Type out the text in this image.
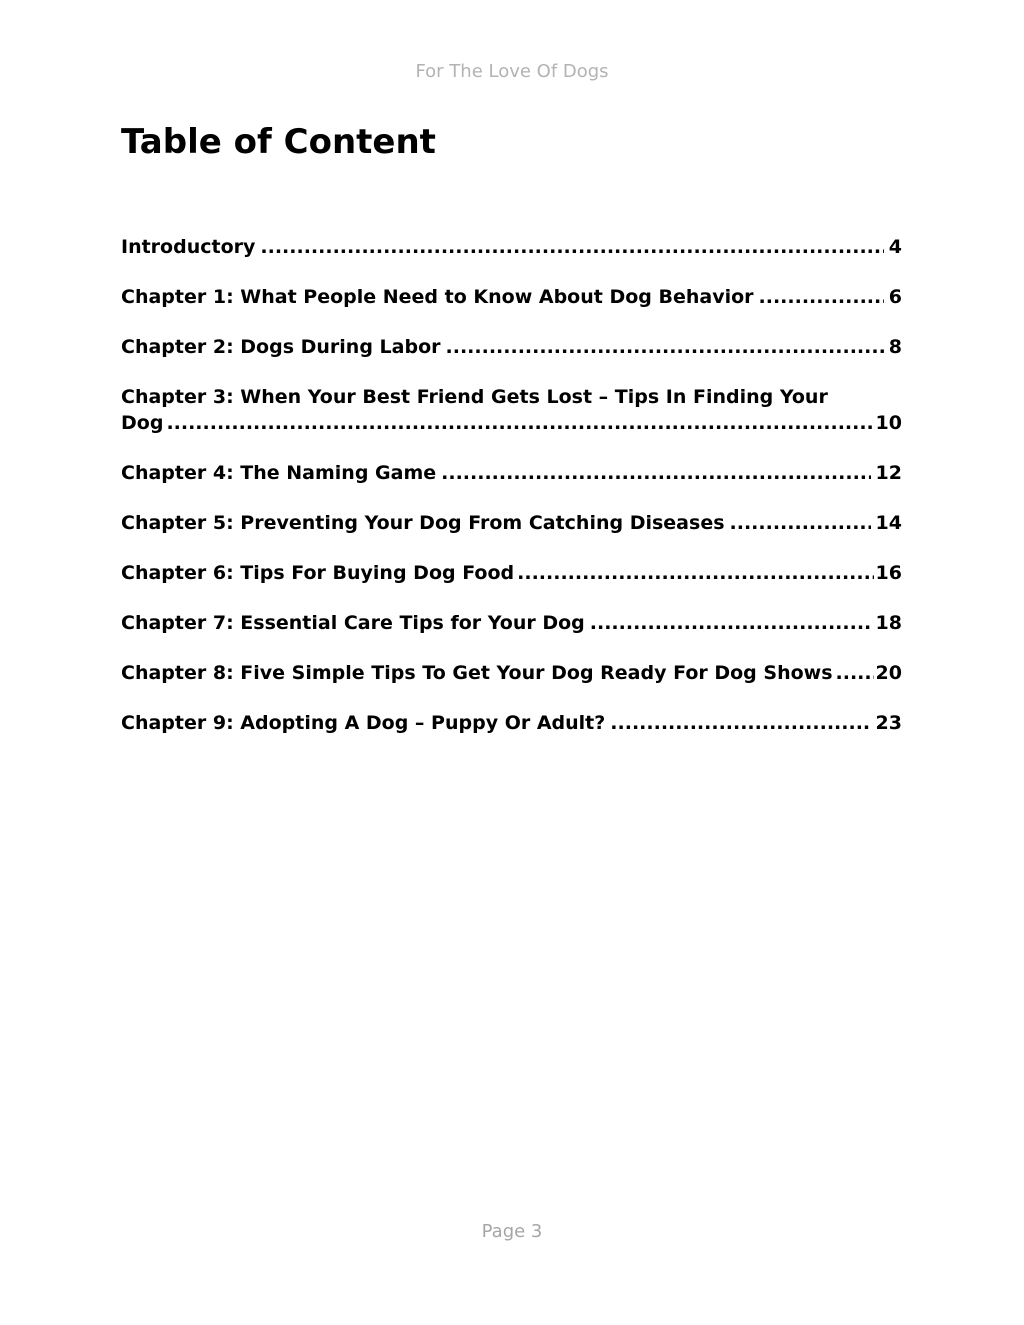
For The Love Of Dogs
Table of Content
Introductory .....	4
Chapter 1: What People Need to Know About Dog Behavior .....	6
Chapter 2: Dogs During Labor .....	8
Chapter 3: When Your Best Friend Gets Lost – Tips In Finding Your
Dog .....	10
Chapter 4: The Naming Game .....	12
Chapter 5: Preventing Your Dog From Catching Diseases .....	14
Chapter 6: Tips For Buying Dog Food .....	16
Chapter 7: Essential Care Tips for Your Dog .....	18
Chapter 8: Five Simple Tips To Get Your Dog Ready For Dog Shows ..... 20
Chapter 9: Adopting A Dog – Puppy Or Adult? .....	23
Page 3
